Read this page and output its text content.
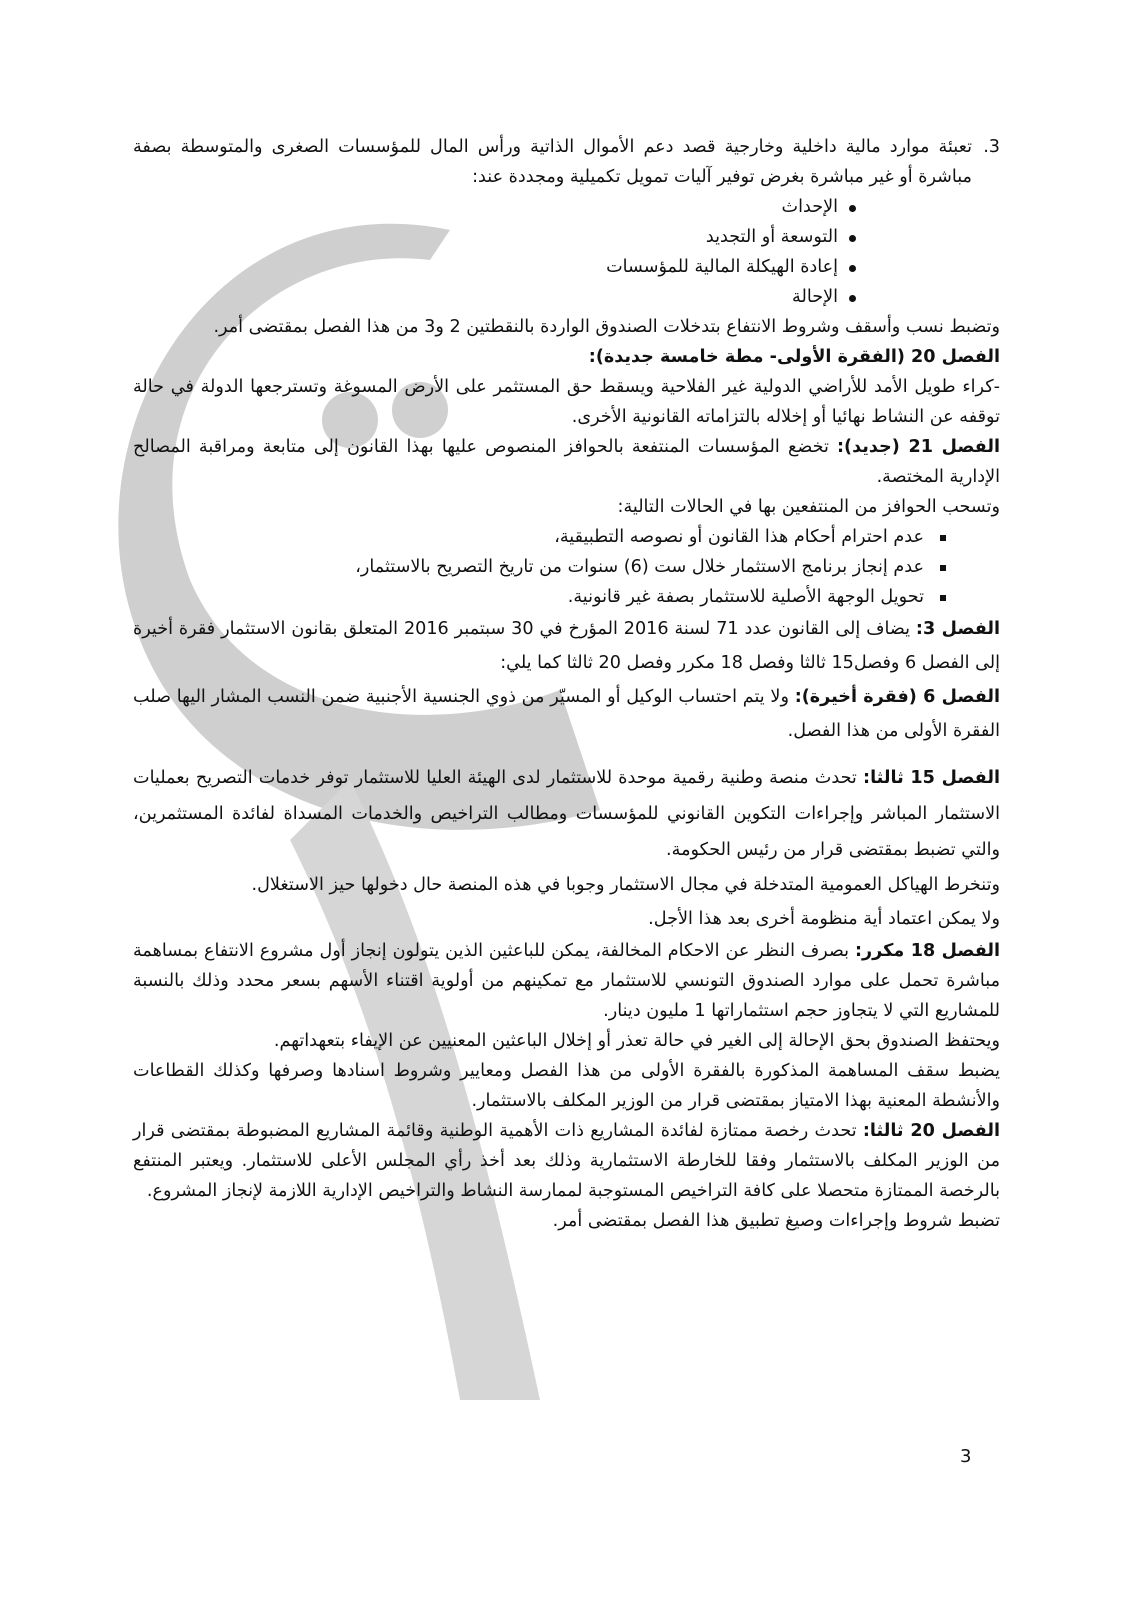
3.
تعبئة موارد مالية داخلية وخارجية قصد دعم الأموال الذاتية ورأس المال للمؤسسات الصغرى والمتوسطة بصفة مباشرة أو غير مباشرة بغرض توفير آليات تمويل تكميلية ومجددة عند:
الإحداث
التوسعة أو التجديد
إعادة الهيكلة المالية للمؤسسات
الإحالة

وتضبط نسب وأسقف وشروط الانتفاع بتدخلات الصندوق الواردة بالنقطتين 2 و3 من هذا الفصل بمقتضى أمر.

الفصل 20 (الفقرة الأولى- مطة خامسة جديدة):

-كراء طويل الأمد للأراضي الدولية غير الفلاحية ويسقط حق المستثمر على الأرض المسوغة وتسترجعها الدولة في حالة توقفه عن النشاط نهائيا أو إخلاله بالتزاماته القانونية الأخرى.

الفصل 21 (جديد): تخضع المؤسسات المنتفعة بالحوافز المنصوص عليها بهذا القانون إلى متابعة ومراقبة المصالح الإدارية المختصة.

وتسحب الحوافز من المنتفعين بها في الحالات التالية:

عدم احترام أحكام هذا القانون أو نصوصه التطبيقية،
عدم إنجاز برنامج الاستثمار خلال ست (6) سنوات من تاريخ التصريح بالاستثمار،
تحويل الوجهة الأصلية للاستثمار بصفة غير قانونية.

الفصل 3: يضاف إلى القانون عدد 71 لسنة 2016 المؤرخ في 30 سبتمبر 2016 المتعلق بقانون الاستثمار فقرة أخيرة إلى الفصل 6 وفصل15 ثالثا وفصل 18 مكرر وفصل 20 ثالثا كما يلي:

الفصل 6 (فقرة أخيرة): ولا يتم احتساب الوكيل أو المسيّر من ذوي الجنسية الأجنبية ضمن النسب المشار اليها صلب الفقرة الأولى من هذا الفصل.

الفصل 15 ثالثا: تحدث منصة وطنية رقمية موحدة للاستثمار لدى الهيئة العليا للاستثمار توفر خدمات التصريح بعمليات الاستثمار المباشر وإجراءات التكوين القانوني للمؤسسات ومطالب التراخيص والخدمات المسداة لفائدة المستثمرين، والتي تضبط بمقتضى قرار من رئيس الحكومة.

وتنخرط الهياكل العمومية المتدخلة في مجال الاستثمار وجوبا في هذه المنصة حال دخولها حيز الاستغلال.

ولا يمكن اعتماد أية منظومة أخرى بعد هذا الأجل.

الفصل 18 مكرر: بصرف النظر عن الاحكام المخالفة، يمكن للباعثين الذين يتولون إنجاز أول مشروع الانتفاع بمساهمة مباشرة تحمل على موارد الصندوق التونسي للاستثمار مع تمكينهم من أولوية اقتناء الأسهم بسعر محدد وذلك بالنسبة للمشاريع التي لا يتجاوز حجم استثماراتها 1 مليون دينار.

ويحتفظ الصندوق بحق الإحالة إلى الغير في حالة تعذر أو إخلال الباعثين المعنيين عن الإيفاء بتعهداتهم.

يضبط سقف المساهمة المذكورة بالفقرة الأولى من هذا الفصل ومعايير وشروط اسنادها وصرفها وكذلك القطاعات والأنشطة المعنية بهذا الامتياز بمقتضى قرار من الوزير المكلف بالاستثمار.

الفصل 20 ثالثا: تحدث رخصة ممتازة لفائدة المشاريع ذات الأهمية الوطنية وقائمة المشاريع المضبوطة بمقتضى قرار من الوزير المكلف بالاستثمار وفقا للخارطة الاستثمارية وذلك بعد أخذ رأي المجلس الأعلى للاستثمار. ويعتبر المنتفع بالرخصة الممتازة متحصلا على كافة التراخيص المستوجبة لممارسة النشاط والتراخيص الإدارية اللازمة لإنجاز المشروع.

تضبط شروط وإجراءات وصيغ تطبيق هذا الفصل بمقتضى أمر.

3
